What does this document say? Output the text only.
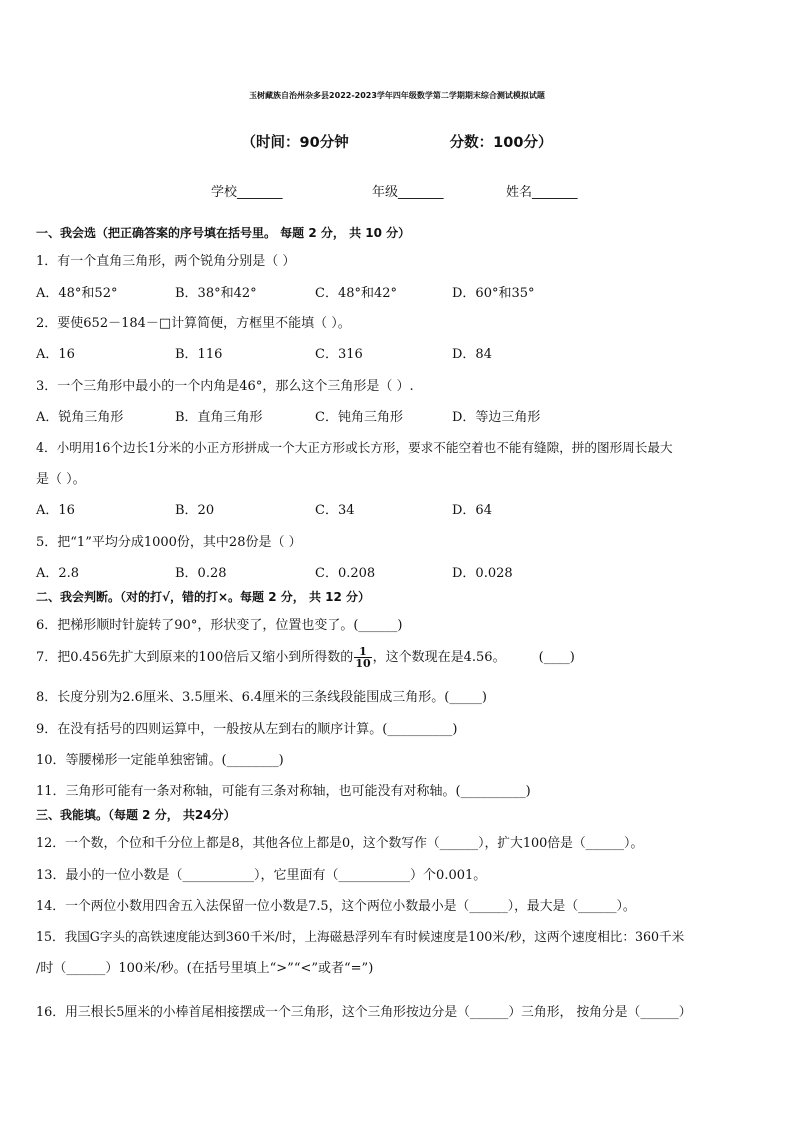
玉树藏族自治州杂多县2022-2023学年四年级数学第二学期期末综合测试模拟试题
（时间：90分钟                    分数：100分）
学校_______	年级_______	姓名_______
一、我会选（把正确答案的序号填在括号里。 每题 2 分， 共 10 分）
1．有一个直角三角形，两个锐角分别是（ ）
A．48°和52°	B．38°和42°	C．48°和42°	D．60°和35°
2．要使652－184－□计算简便，方框里不能填（ ）。
A．16	B．116	C．316	D．84
3．一个三角形中最小的一个内角是46°，那么这个三角形是（ ）.
A．锐角三角形	B．直角三角形	C．钝角三角形	D．等边三角形
4．小明用16个边长1分米的小正方形拼成一个大正方形或长方形，要求不能空着也不能有缝隙，拼的图形周长最大
是（ ）。
A．16	B．20	C．34	D．64
5．把“1”平均分成1000份，其中28份是（ ）
A．2.8	B．0.28	C．0.208	D．0.028
二、我会判断。（对的打√，错的打×。每题 2 分， 共 12 分）
6．把梯形顺时针旋转了90°，形状变了，位置也变了。(______)
7．把0.456先扩大到原来的100倍后又缩小到所得数的 $\frac{1}{10}$ ，这个数现在是4.56。        (____)
8．长度分别为2.6厘米、3.5厘米、6.4厘米的三条线段能围成三角形。(_____)
9．在没有括号的四则运算中，一般按从左到右的顺序计算。(__________)
10．等腰梯形一定能单独密铺。(________)
11．三角形可能有一条对称轴，可能有三条对称轴，也可能没有对称轴。(__________)
三、我能填。（每题 2 分， 共24分）
12．一个数，个位和千分位上都是8，其他各位上都是0，这个数写作（______），扩大100倍是（______）。
13．最小的一位小数是（___________），它里面有（___________）个0.001。
14．一个两位小数用四舍五入法保留一位小数是7.5，这个两位小数最小是（______），最大是（______）。
15．我国G字头的高铁速度能达到360千米/时，上海磁悬浮列车有时候速度是100米/秒，这两个速度相比：360千米
/时（______）100米/秒。(在括号里填上“>”“<”或者“=”)
16．用三根长5厘米的小棒首尾相接摆成一个三角形，这个三角形按边分是（______）三角形， 按角分是（______）
